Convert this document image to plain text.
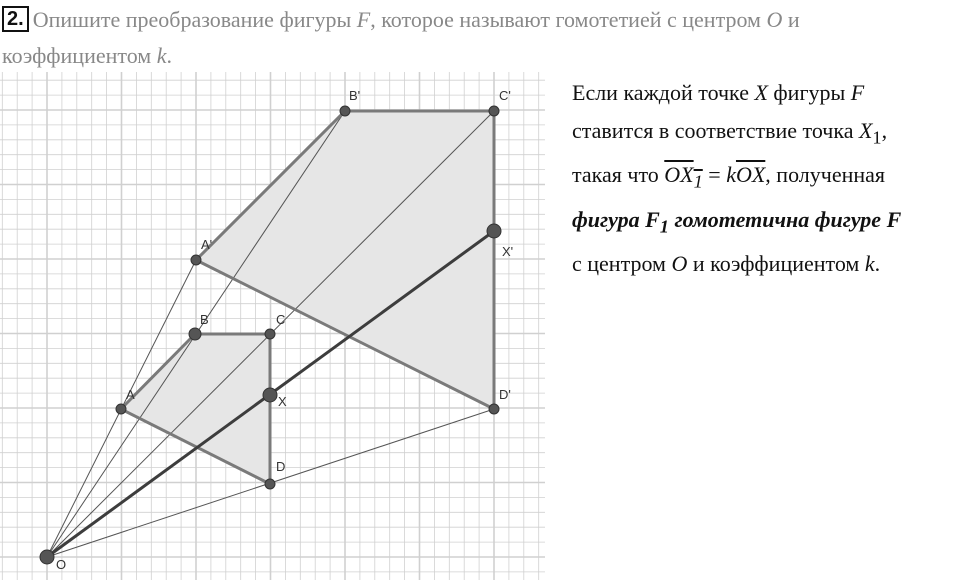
2. Опишите преобразование фигуры F, которое называют гомотетией с центром O и
коэффициентом k.
A
B	C
X
D
A'
B'	C'
X'
D'
O
Если каждой точке X фигуры F
ставится в соответствие точка $X_1$,
такая что $OX_1 = k\overline{OX}$, полученная
фигура $F_1$ гомотетична фигуре F
с центром O и коэффициентом k.
